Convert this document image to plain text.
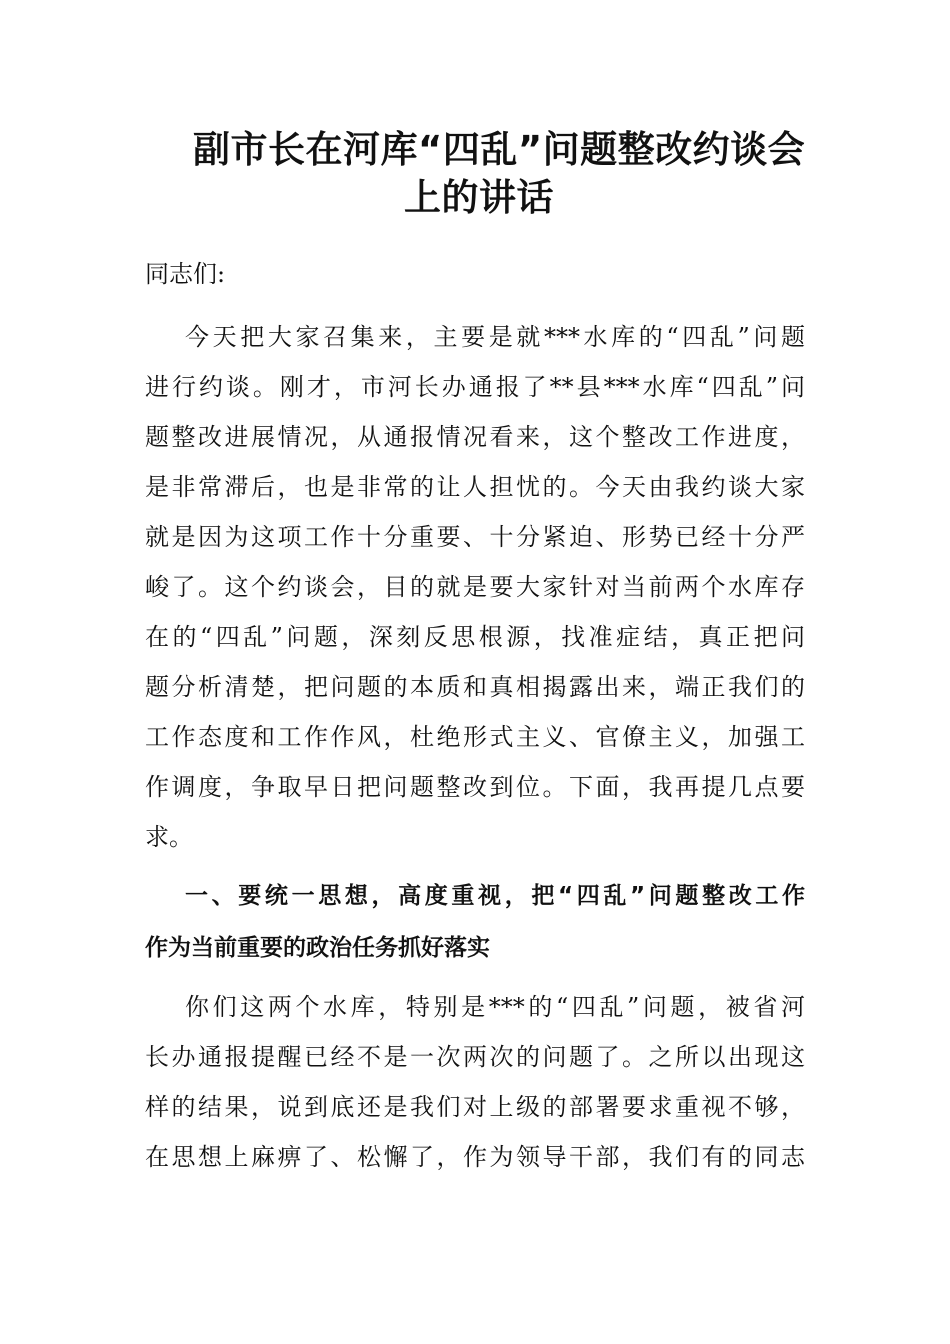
副市长在河库“四乱”问题整改约谈会
上的讲话
同志们:
今天把大家召集来，主要是就***水库的“四乱”问题
进行约谈。刚才，市河长办通报了**县***水库“四乱”问
题整改进展情况，从通报情况看来，这个整改工作进度，
是非常滞后，也是非常的让人担忧的。今天由我约谈大家
就是因为这项工作十分重要、十分紧迫、形势已经十分严
峻了。这个约谈会，目的就是要大家针对当前两个水库存
在的“四乱”问题，深刻反思根源，找准症结，真正把问
题分析清楚，把问题的本质和真相揭露出来，端正我们的
工作态度和工作作风，杜绝形式主义、官僚主义，加强工
作调度，争取早日把问题整改到位。下面，我再提几点要
求。
一、要统一思想，高度重视，把“四乱”问题整改工作
作为当前重要的政治任务抓好落实
你们这两个水库，特别是***的“四乱”问题，被省河
长办通报提醒已经不是一次两次的问题了。之所以出现这
样的结果，说到底还是我们对上级的部署要求重视不够，
在思想上麻痹了、松懈了，作为领导干部，我们有的同志
